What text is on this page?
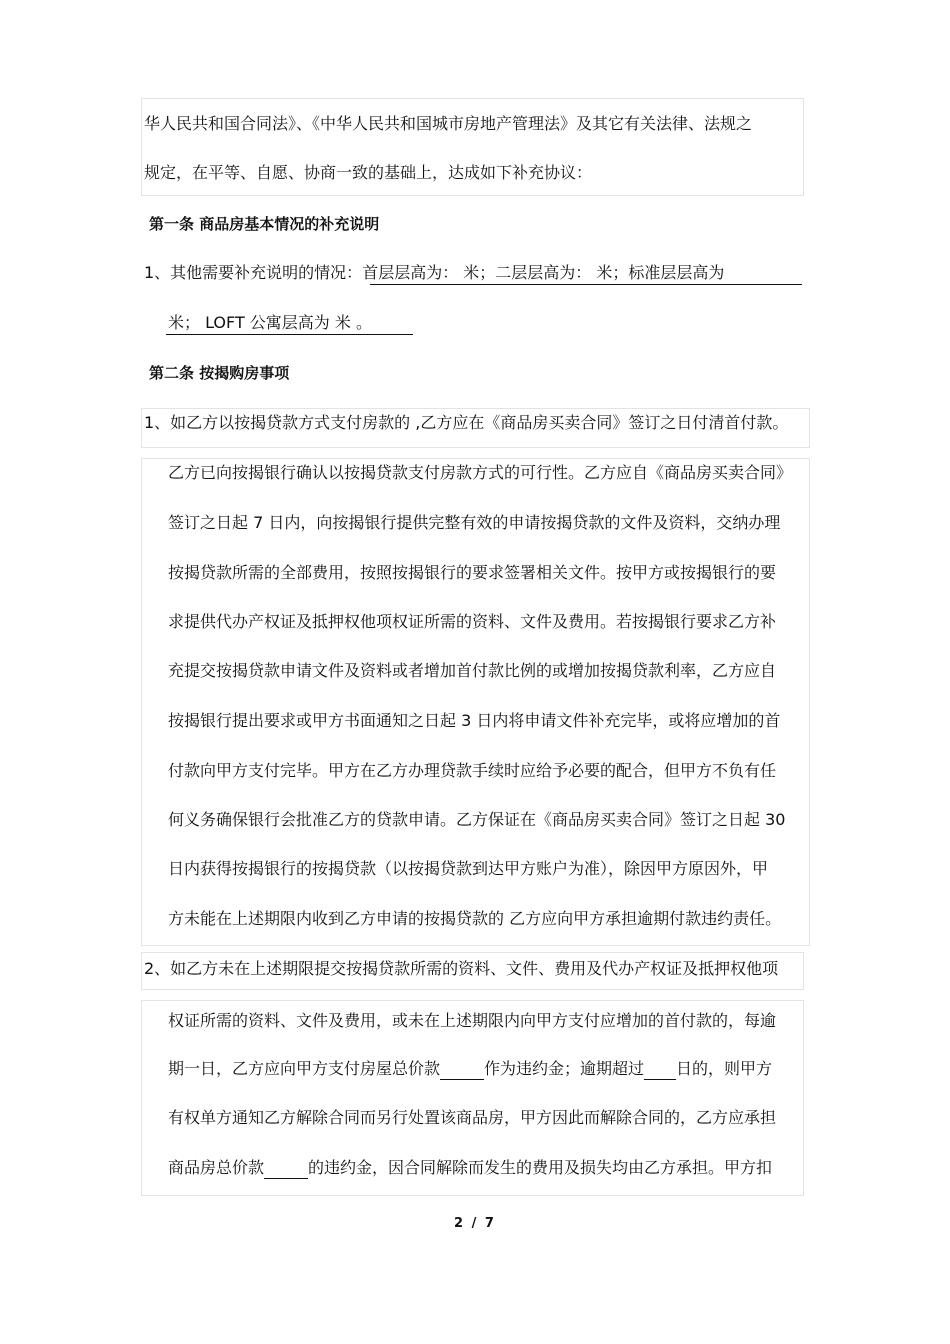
华人民共和国合同法》、《中华人民共和国城市房地产管理法》及其它有关法律、法规之
规定，在平等、自愿、协商一致的基础上，达成如下补充协议：
第一条 商品房基本情况的补充说明
1、其他需要补充说明的情况：首层层高为： 米；二层层高为： 米；标准层层高为
米； LOFT 公寓层高为 米 。
第二条 按揭购房事项
1、如乙方以按揭贷款方式支付房款的 ,乙方应在《商品房买卖合同》签订之日付清首付款。
乙方已向按揭银行确认以按揭贷款支付房款方式的可行性。乙方应自《商品房买卖合同》
签订之日起 7 日内，向按揭银行提供完整有效的申请按揭贷款的文件及资料，交纳办理
按揭贷款所需的全部费用，按照按揭银行的要求签署相关文件。按甲方或按揭银行的要
求提供代办产权证及抵押权他项权证所需的资料、文件及费用。若按揭银行要求乙方补
充提交按揭贷款申请文件及资料或者增加首付款比例的或增加按揭贷款利率，乙方应自
按揭银行提出要求或甲方书面通知之日起 3 日内将申请文件补充完毕，或将应增加的首
付款向甲方支付完毕。甲方在乙方办理贷款手续时应给予必要的配合，但甲方不负有任
何义务确保银行会批准乙方的贷款申请。乙方保证在《商品房买卖合同》签订之日起 30
日内获得按揭银行的按揭贷款（以按揭贷款到达甲方账户为准），除因甲方原因外，甲
方未能在上述期限内收到乙方申请的按揭贷款的 乙方应向甲方承担逾期付款违约责任。
2、如乙方未在上述期限提交按揭贷款所需的资料、文件、费用及代办产权证及抵押权他项
权证所需的资料、文件及费用，或未在上述期限内向甲方支付应增加的首付款的，每逾
期一日，乙方应向甲方支付房屋总价款	作为违约金；逾期超过 日的，则甲方
有权单方通知乙方解除合同而另行处置该商品房，甲方因此而解除合同的，乙方应承担
商品房总价款	的违约金，因合同解除而发生的费用及损失均由乙方承担。甲方扣
2 / 7
